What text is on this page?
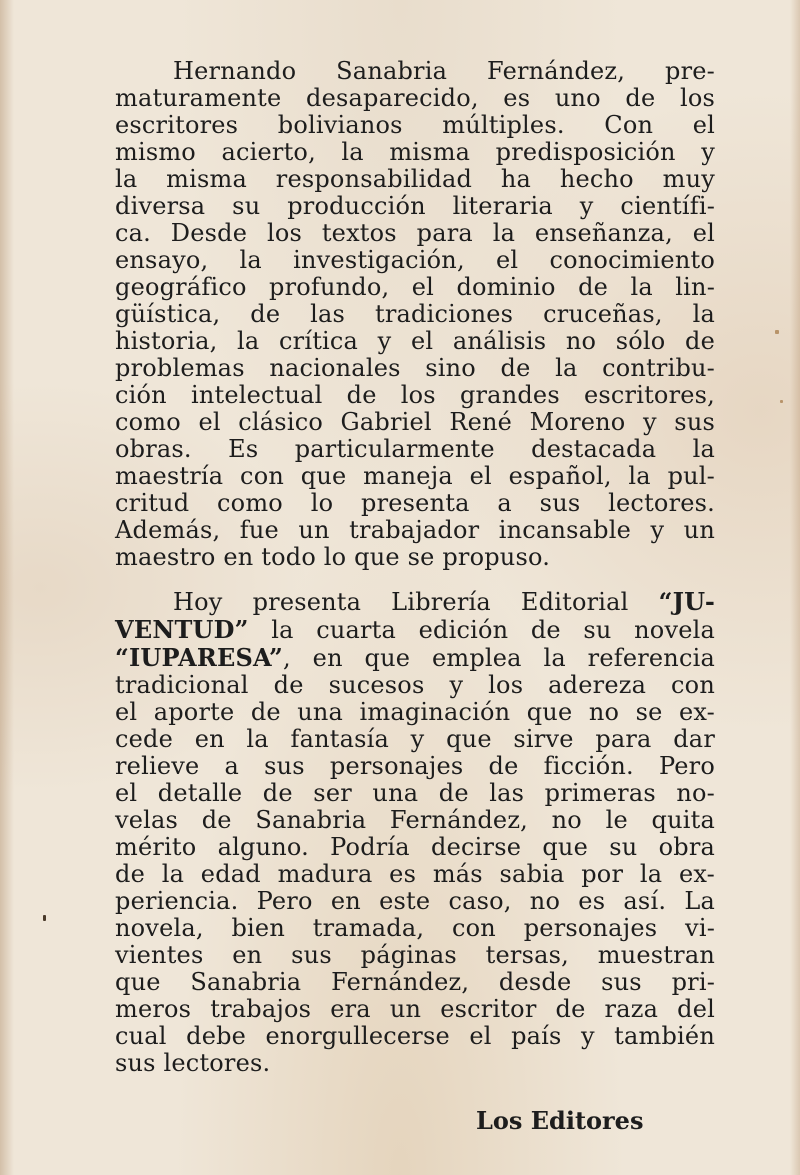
Hernando Sanabria Fernández, pre-
maturamente desaparecido, es uno de los
escritores bolivianos múltiples. Con el
mismo acierto, la misma predisposición y
la misma responsabilidad ha hecho muy
diversa su producción literaria y científi-
ca. Desde los textos para la enseñanza, el
ensayo, la investigación, el conocimiento
geográfico profundo, el dominio de la lin-
güística, de las tradiciones cruceñas, la
historia, la crítica y el análisis no sólo de
problemas nacionales sino de la contribu-
ción intelectual de los grandes escritores,
como el clásico Gabriel René Moreno y sus
obras. Es particularmente destacada la
maestría con que maneja el español, la pul-
critud como lo presenta a sus lectores.
Además, fue un trabajador incansable y un
maestro en todo lo que se propuso.

Hoy presenta Librería Editorial “JU-
VENTUD” la cuarta edición de su novela
“IUPARESA”, en que emplea la referencia
tradicional de sucesos y los adereza con
el aporte de una imaginación que no se ex-
cede en la fantasía y que sirve para dar
relieve a sus personajes de ficción. Pero
el detalle de ser una de las primeras no-
velas de Sanabria Fernández, no le quita
mérito alguno. Podría decirse que su obra
de la edad madura es más sabia por la ex-
periencia. Pero en este caso, no es así. La
novela, bien tramada, con personajes vi-
vientes en sus páginas tersas, muestran
que Sanabria Fernández, desde sus pri-
meros trabajos era un escritor de raza del
cual debe enorgullecerse el país y también
sus lectores.

Los Editores
